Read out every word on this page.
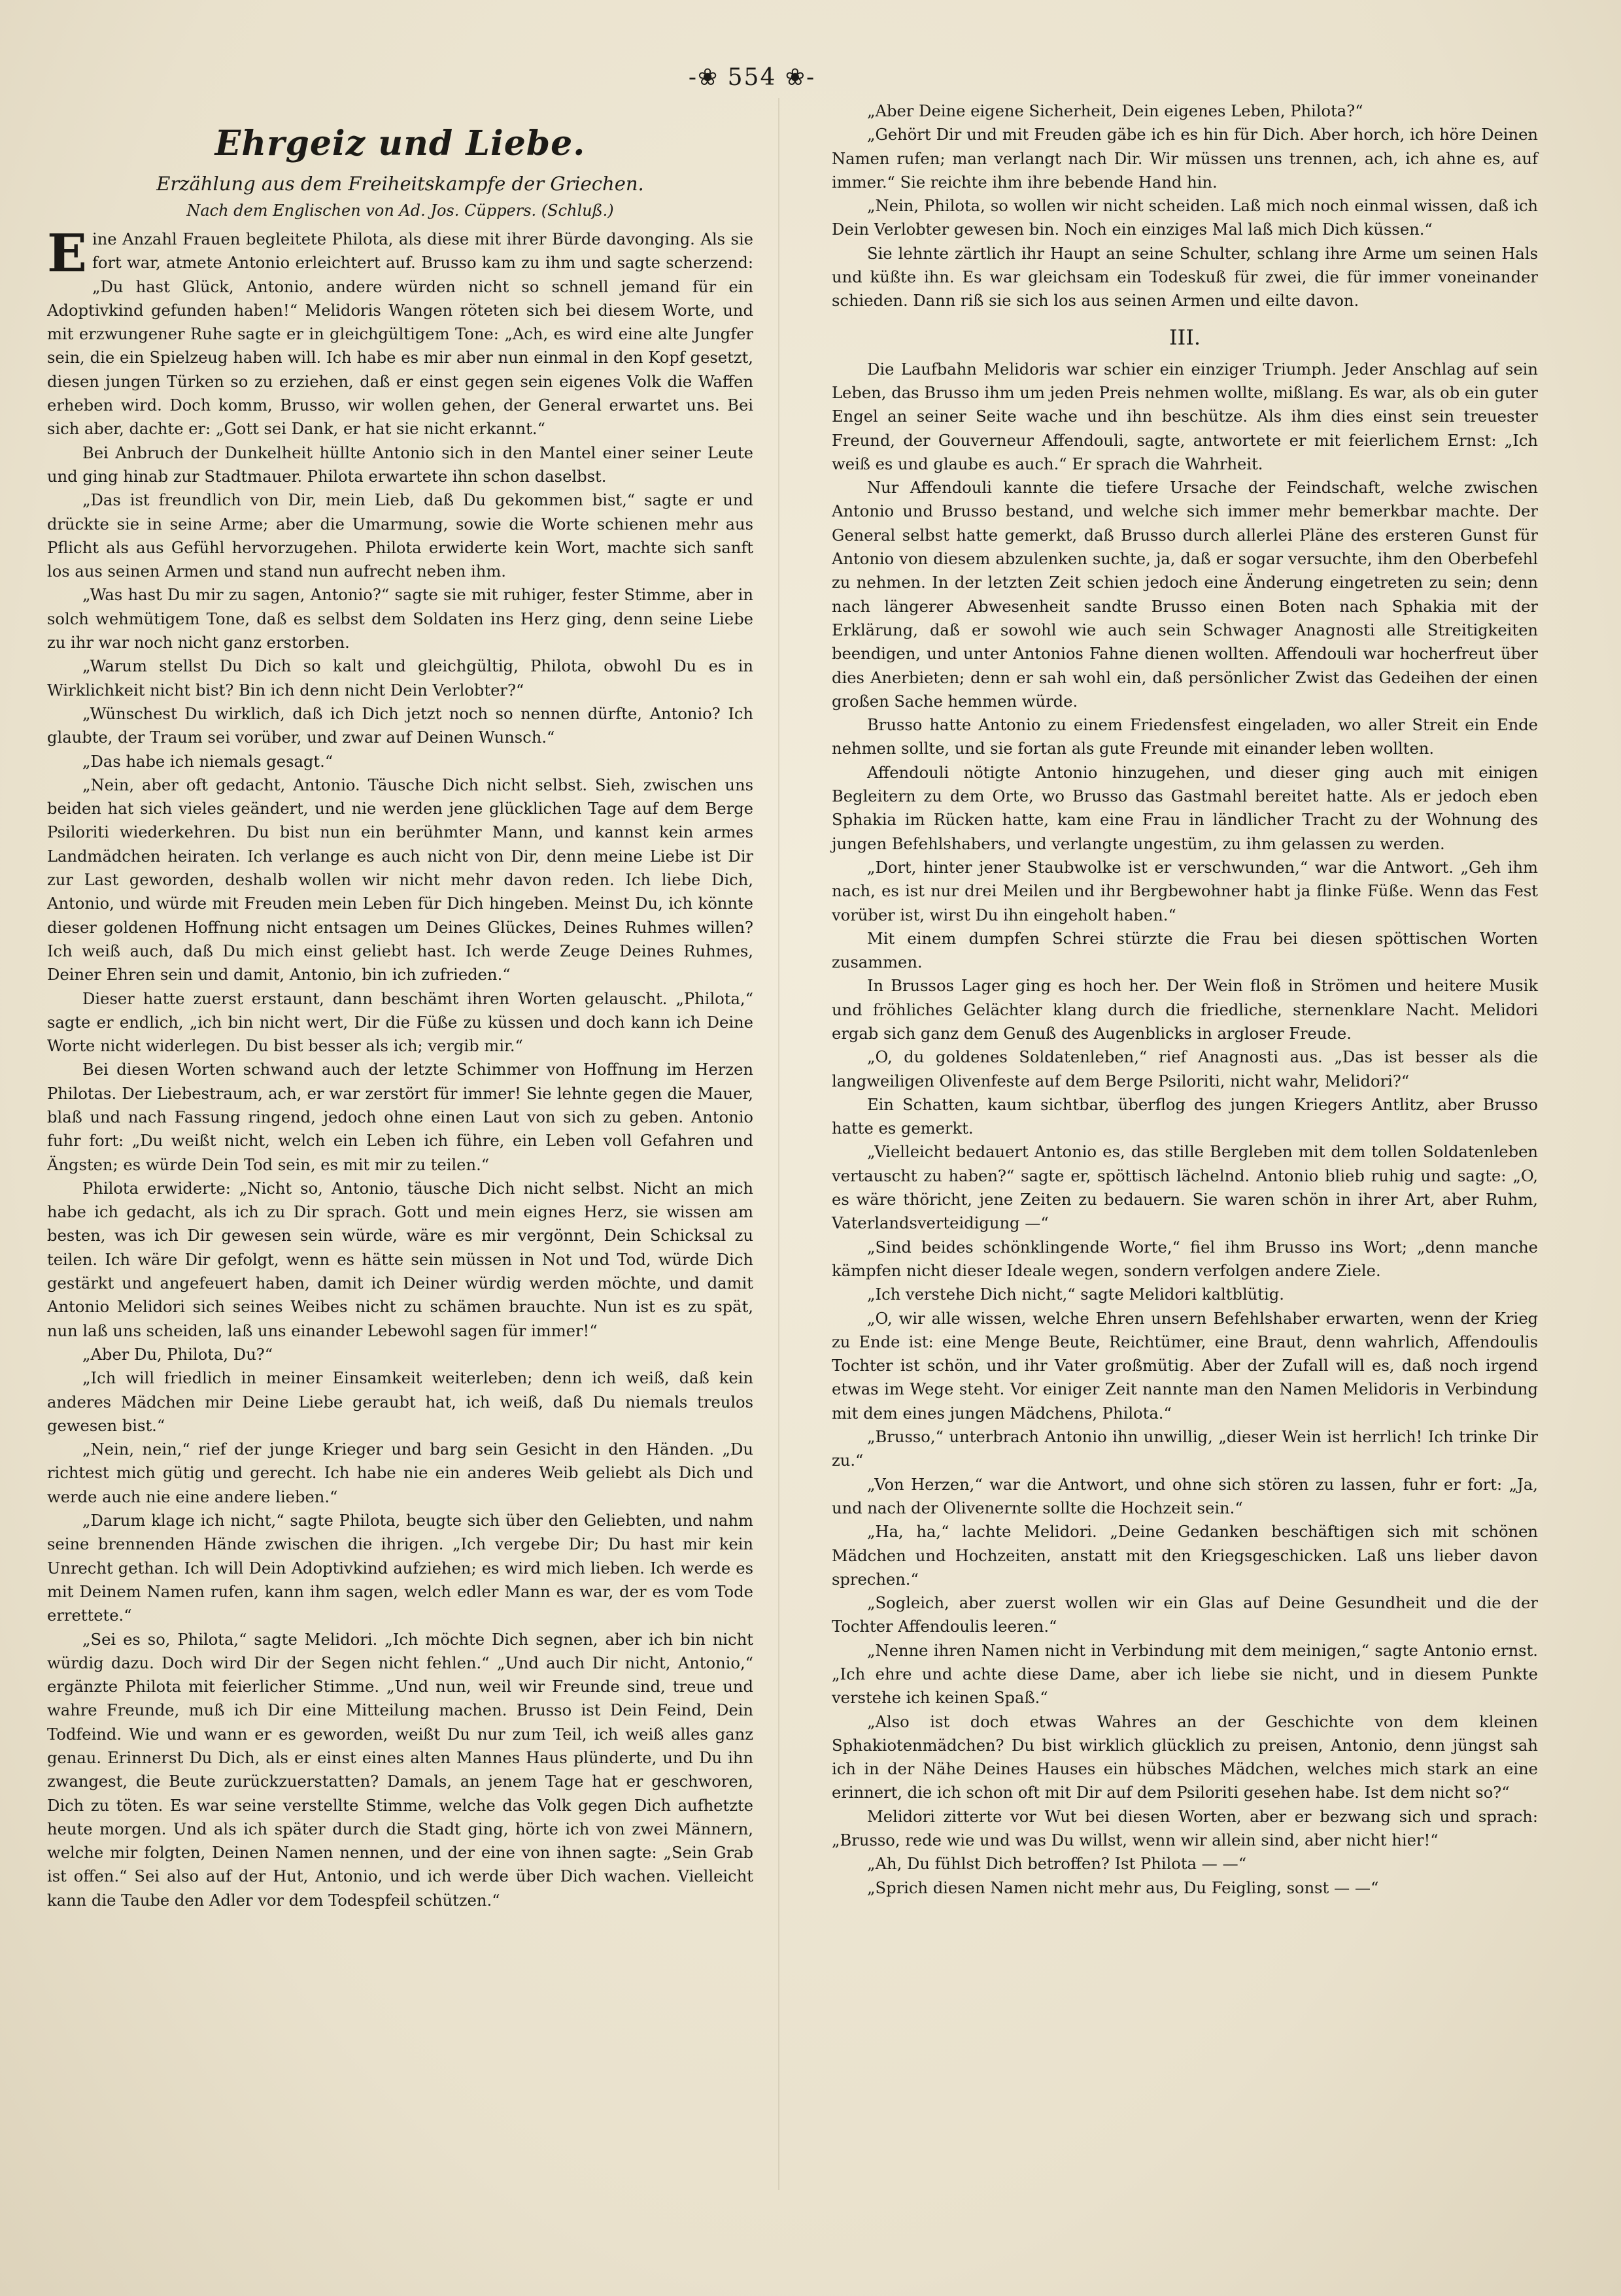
-❀ 554 ❀-
Ehrgeiz und Liebe.
Erzählung aus dem Freiheitskampfe der Griechen.
Nach dem Englischen von Ad. Jos. Cüppers. (Schluß.)

Eine Anzahl Frauen begleitete Philota, als diese mit ihrer Bürde davonging. Als sie fort war, atmete Antonio erleichtert auf. Brusso kam zu ihm und sagte scherzend: „Du hast Glück, Antonio, andere würden nicht so schnell jemand für ein Adoptivkind gefunden haben!“ Melidoris Wangen röteten sich bei diesem Worte, und mit erzwungener Ruhe sagte er in gleichgültigem Tone: „Ach, es wird eine alte Jungfer sein, die ein Spielzeug haben will. Ich habe es mir aber nun einmal in den Kopf gesetzt, diesen jungen Türken so zu erziehen, daß er einst gegen sein eigenes Volk die Waffen erheben wird. Doch komm, Brusso, wir wollen gehen, der General erwartet uns. Bei sich aber, dachte er: „Gott sei Dank, er hat sie nicht erkannt.“

Bei Anbruch der Dunkelheit hüllte Antonio sich in den Mantel einer seiner Leute und ging hinab zur Stadtmauer. Philota erwartete ihn schon daselbst.

„Das ist freundlich von Dir, mein Lieb, daß Du gekommen bist,“ sagte er und drückte sie in seine Arme; aber die Umarmung, sowie die Worte schienen mehr aus Pflicht als aus Gefühl hervorzugehen. Philota erwiderte kein Wort, machte sich sanft los aus seinen Armen und stand nun aufrecht neben ihm.

„Was hast Du mir zu sagen, Antonio?“ sagte sie mit ruhiger, fester Stimme, aber in solch wehmütigem Tone, daß es selbst dem Soldaten ins Herz ging, denn seine Liebe zu ihr war noch nicht ganz erstorben.

„Warum stellst Du Dich so kalt und gleichgültig, Philota, obwohl Du es in Wirklichkeit nicht bist? Bin ich denn nicht Dein Verlobter?“

„Wünschest Du wirklich, daß ich Dich jetzt noch so nennen dürfte, Antonio? Ich glaubte, der Traum sei vorüber, und zwar auf Deinen Wunsch.“

„Das habe ich niemals gesagt.“

„Nein, aber oft gedacht, Antonio. Täusche Dich nicht selbst. Sieh, zwischen uns beiden hat sich vieles geändert, und nie werden jene glücklichen Tage auf dem Berge Psiloriti wiederkehren. Du bist nun ein berühmter Mann, und kannst kein armes Landmädchen heiraten. Ich verlange es auch nicht von Dir, denn meine Liebe ist Dir zur Last geworden, deshalb wollen wir nicht mehr davon reden. Ich liebe Dich, Antonio, und würde mit Freuden mein Leben für Dich hingeben. Meinst Du, ich könnte dieser goldenen Hoffnung nicht entsagen um Deines Glückes, Deines Ruhmes willen? Ich weiß auch, daß Du mich einst geliebt hast. Ich werde Zeuge Deines Ruhmes, Deiner Ehren sein und damit, Antonio, bin ich zufrieden.“

Dieser hatte zuerst erstaunt, dann beschämt ihren Worten gelauscht. „Philota,“ sagte er endlich, „ich bin nicht wert, Dir die Füße zu küssen und doch kann ich Deine Worte nicht widerlegen. Du bist besser als ich; vergib mir.“

Bei diesen Worten schwand auch der letzte Schimmer von Hoffnung im Herzen Philotas. Der Liebestraum, ach, er war zerstört für immer! Sie lehnte gegen die Mauer, blaß und nach Fassung ringend, jedoch ohne einen Laut von sich zu geben. Antonio fuhr fort: „Du weißt nicht, welch ein Leben ich führe, ein Leben voll Gefahren und Ängsten; es würde Dein Tod sein, es mit mir zu teilen.“

Philota erwiderte: „Nicht so, Antonio, täusche Dich nicht selbst. Nicht an mich habe ich gedacht, als ich zu Dir sprach. Gott und mein eignes Herz, sie wissen am besten, was ich Dir gewesen sein würde, wäre es mir vergönnt, Dein Schicksal zu teilen. Ich wäre Dir gefolgt, wenn es hätte sein müssen in Not und Tod, würde Dich gestärkt und angefeuert haben, damit ich Deiner würdig werden möchte, und damit Antonio Melidori sich seines Weibes nicht zu schämen brauchte. Nun ist es zu spät, nun laß uns scheiden, laß uns einander Lebewohl sagen für immer!“

„Aber Du, Philota, Du?“

„Ich will friedlich in meiner Einsamkeit weiterleben; denn ich weiß, daß kein anderes Mädchen mir Deine Liebe geraubt hat, ich weiß, daß Du niemals treulos gewesen bist.“

„Nein, nein,“ rief der junge Krieger und barg sein Gesicht in den Händen. „Du richtest mich gütig und gerecht. Ich habe nie ein anderes Weib geliebt als Dich und werde auch nie eine andere lieben.“

„Darum klage ich nicht,“ sagte Philota, beugte sich über den Geliebten, und nahm seine brennenden Hände zwischen die ihrigen. „Ich vergebe Dir; Du hast mir kein Unrecht gethan. Ich will Dein Adoptivkind aufziehen; es wird mich lieben. Ich werde es mit Deinem Namen rufen, kann ihm sagen, welch edler Mann es war, der es vom Tode errettete.“

„Sei es so, Philota,“ sagte Melidori. „Ich möchte Dich segnen, aber ich bin nicht würdig dazu. Doch wird Dir der Segen nicht fehlen.“ „Und auch Dir nicht, Antonio,“ ergänzte Philota mit feierlicher Stimme. „Und nun, weil wir Freunde sind, treue und wahre Freunde, muß ich Dir eine Mitteilung machen. Brusso ist Dein Feind, Dein Todfeind. Wie und wann er es geworden, weißt Du nur zum Teil, ich weiß alles ganz genau. Erinnerst Du Dich, als er einst eines alten Mannes Haus plünderte, und Du ihn zwangest, die Beute zurückzuerstatten? Damals, an jenem Tage hat er geschworen, Dich zu töten. Es war seine verstellte Stimme, welche das Volk gegen Dich aufhetzte heute morgen. Und als ich später durch die Stadt ging, hörte ich von zwei Männern, welche mir folgten, Deinen Namen nennen, und der eine von ihnen sagte: „Sein Grab ist offen.“ Sei also auf der Hut, Antonio, und ich werde über Dich wachen. Vielleicht kann die Taube den Adler vor dem Todespfeil schützen.“

„Aber Deine eigene Sicherheit, Dein eigenes Leben, Philota?“

„Gehört Dir und mit Freuden gäbe ich es hin für Dich. Aber horch, ich höre Deinen Namen rufen; man verlangt nach Dir. Wir müssen uns trennen, ach, ich ahne es, auf immer.“ Sie reichte ihm ihre bebende Hand hin.

„Nein, Philota, so wollen wir nicht scheiden. Laß mich noch einmal wissen, daß ich Dein Verlobter gewesen bin. Noch ein einziges Mal laß mich Dich küssen.“

Sie lehnte zärtlich ihr Haupt an seine Schulter, schlang ihre Arme um seinen Hals und küßte ihn. Es war gleichsam ein Todeskuß für zwei, die für immer voneinander schieden. Dann riß sie sich los aus seinen Armen und eilte davon.

III.

Die Laufbahn Melidoris war schier ein einziger Triumph. Jeder Anschlag auf sein Leben, das Brusso ihm um jeden Preis nehmen wollte, mißlang. Es war, als ob ein guter Engel an seiner Seite wache und ihn beschütze. Als ihm dies einst sein treuester Freund, der Gouverneur Affendouli, sagte, antwortete er mit feierlichem Ernst: „Ich weiß es und glaube es auch.“ Er sprach die Wahrheit.

Nur Affendouli kannte die tiefere Ursache der Feindschaft, welche zwischen Antonio und Brusso bestand, und welche sich immer mehr bemerkbar machte. Der General selbst hatte gemerkt, daß Brusso durch allerlei Pläne des ersteren Gunst für Antonio von diesem abzulenken suchte, ja, daß er sogar versuchte, ihm den Oberbefehl zu nehmen. In der letzten Zeit schien jedoch eine Änderung eingetreten zu sein; denn nach längerer Abwesenheit sandte Brusso einen Boten nach Sphakia mit der Erklärung, daß er sowohl wie auch sein Schwager Anagnosti alle Streitigkeiten beendigen, und unter Antonios Fahne dienen wollten. Affendouli war hocherfreut über dies Anerbieten; denn er sah wohl ein, daß persönlicher Zwist das Gedeihen der einen großen Sache hemmen würde.

Brusso hatte Antonio zu einem Friedensfest eingeladen, wo aller Streit ein Ende nehmen sollte, und sie fortan als gute Freunde mit einander leben wollten.

Affendouli nötigte Antonio hinzugehen, und dieser ging auch mit einigen Begleitern zu dem Orte, wo Brusso das Gastmahl bereitet hatte. Als er jedoch eben Sphakia im Rücken hatte, kam eine Frau in ländlicher Tracht zu der Wohnung des jungen Befehlshabers, und verlangte ungestüm, zu ihm gelassen zu werden.

„Dort, hinter jener Staubwolke ist er verschwunden,“ war die Antwort. „Geh ihm nach, es ist nur drei Meilen und ihr Bergbewohner habt ja flinke Füße. Wenn das Fest vorüber ist, wirst Du ihn eingeholt haben.“

Mit einem dumpfen Schrei stürzte die Frau bei diesen spöttischen Worten zusammen.

In Brussos Lager ging es hoch her. Der Wein floß in Strömen und heitere Musik und fröhliches Gelächter klang durch die friedliche, sternenklare Nacht. Melidori ergab sich ganz dem Genuß des Augenblicks in argloser Freude.

„O, du goldenes Soldatenleben,“ rief Anagnosti aus. „Das ist besser als die langweiligen Olivenfeste auf dem Berge Psiloriti, nicht wahr, Melidori?“

Ein Schatten, kaum sichtbar, überflog des jungen Kriegers Antlitz, aber Brusso hatte es gemerkt.

„Vielleicht bedauert Antonio es, das stille Bergleben mit dem tollen Soldatenleben vertauscht zu haben?“ sagte er, spöttisch lächelnd. Antonio blieb ruhig und sagte: „O, es wäre thöricht, jene Zeiten zu bedauern. Sie waren schön in ihrer Art, aber Ruhm, Vaterlandsverteidigung —“

„Sind beides schönklingende Worte,“ fiel ihm Brusso ins Wort; „denn manche kämpfen nicht dieser Ideale wegen, sondern verfolgen andere Ziele.

„Ich verstehe Dich nicht,“ sagte Melidori kaltblütig.

„O, wir alle wissen, welche Ehren unsern Befehlshaber erwarten, wenn der Krieg zu Ende ist: eine Menge Beute, Reichtümer, eine Braut, denn wahrlich, Affendoulis Tochter ist schön, und ihr Vater großmütig. Aber der Zufall will es, daß noch irgend etwas im Wege steht. Vor einiger Zeit nannte man den Namen Melidoris in Verbindung mit dem eines jungen Mädchens, Philota.“

„Brusso,“ unterbrach Antonio ihn unwillig, „dieser Wein ist herrlich! Ich trinke Dir zu.“

„Von Herzen,“ war die Antwort, und ohne sich stören zu lassen, fuhr er fort: „Ja, und nach der Olivenernte sollte die Hochzeit sein.“

„Ha, ha,“ lachte Melidori. „Deine Gedanken beschäftigen sich mit schönen Mädchen und Hochzeiten, anstatt mit den Kriegsgeschicken. Laß uns lieber davon sprechen.“

„Sogleich, aber zuerst wollen wir ein Glas auf Deine Gesundheit und die der Tochter Affendoulis leeren.“

„Nenne ihren Namen nicht in Verbindung mit dem meinigen,“ sagte Antonio ernst. „Ich ehre und achte diese Dame, aber ich liebe sie nicht, und in diesem Punkte verstehe ich keinen Spaß.“

„Also ist doch etwas Wahres an der Geschichte von dem kleinen Sphakiotenmädchen? Du bist wirklich glücklich zu preisen, Antonio, denn jüngst sah ich in der Nähe Deines Hauses ein hübsches Mädchen, welches mich stark an eine erinnert, die ich schon oft mit Dir auf dem Psiloriti gesehen habe. Ist dem nicht so?“

Melidori zitterte vor Wut bei diesen Worten, aber er bezwang sich und sprach: „Brusso, rede wie und was Du willst, wenn wir allein sind, aber nicht hier!“

„Ah, Du fühlst Dich betroffen? Ist Philota — —“

„Sprich diesen Namen nicht mehr aus, Du Feigling, sonst — —“
